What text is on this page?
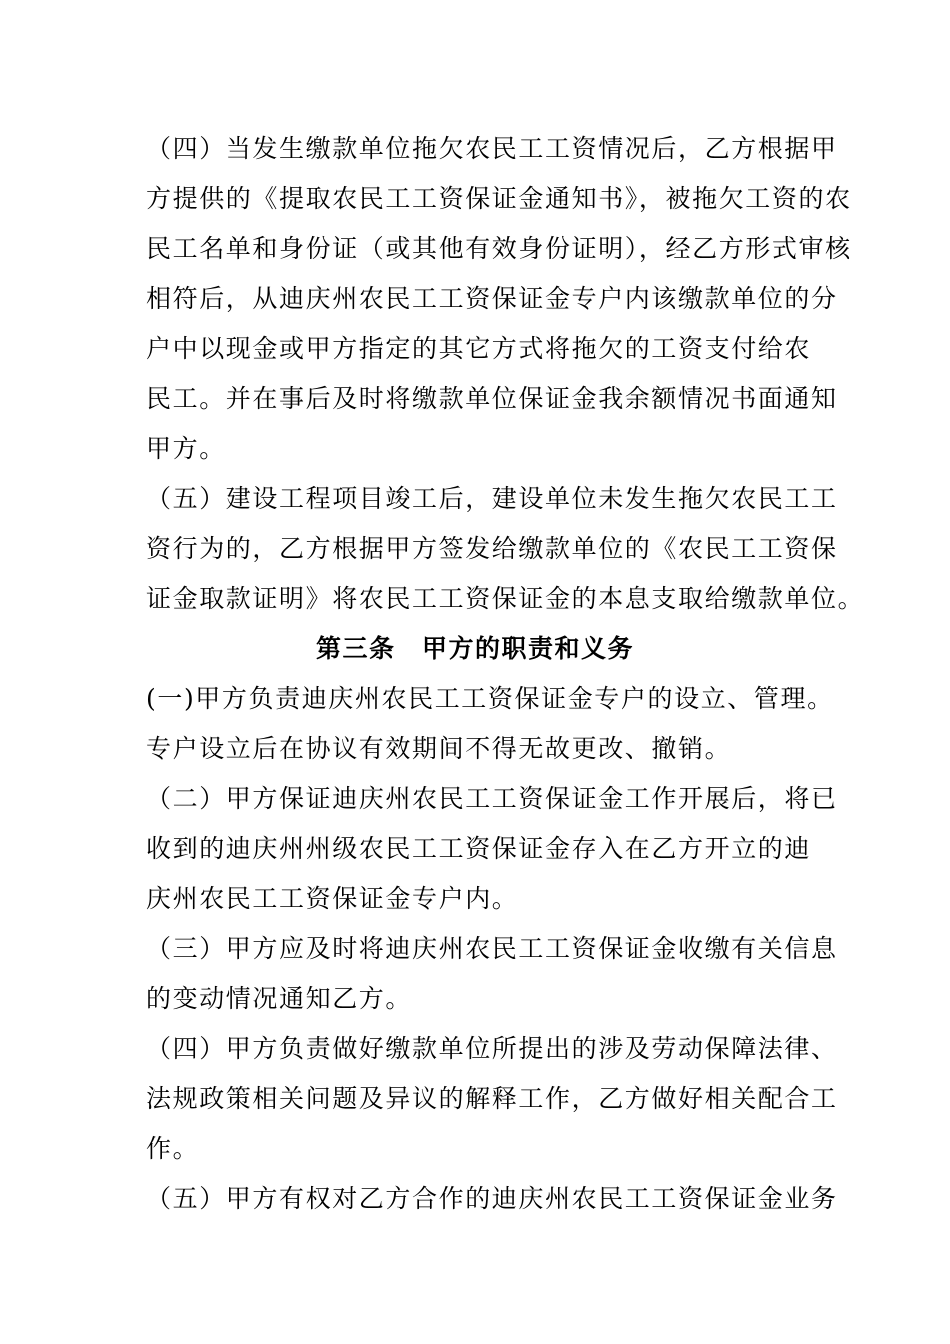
（四）当发生缴款单位拖欠农民工工资情况后，乙方根据甲
方提供的《提取农民工工资保证金通知书》，被拖欠工资的农
民工名单和身份证（或其他有效身份证明），经乙方形式审核
相符后，从迪庆州农民工工资保证金专户内该缴款单位的分
户中以现金或甲方指定的其它方式将拖欠的工资支付给农
民工。并在事后及时将缴款单位保证金我余额情况书面通知
甲方。
（五）建设工程项目竣工后，建设单位未发生拖欠农民工工
资行为的，乙方根据甲方签发给缴款单位的《农民工工资保
证金取款证明》将农民工工资保证金的本息支取给缴款单位。
第三条　甲方的职责和义务
(一)甲方负责迪庆州农民工工资保证金专户的设立、管理。
专户设立后在协议有效期间不得无故更改、撤销。
（二）甲方保证迪庆州农民工工资保证金工作开展后，将已
收到的迪庆州州级农民工工资保证金存入在乙方开立的迪
庆州农民工工资保证金专户内。
（三）甲方应及时将迪庆州农民工工资保证金收缴有关信息
的变动情况通知乙方。
（四）甲方负责做好缴款单位所提出的涉及劳动保障法律、
法规政策相关问题及异议的解释工作，乙方做好相关配合工
作。
（五）甲方有权对乙方合作的迪庆州农民工工资保证金业务
